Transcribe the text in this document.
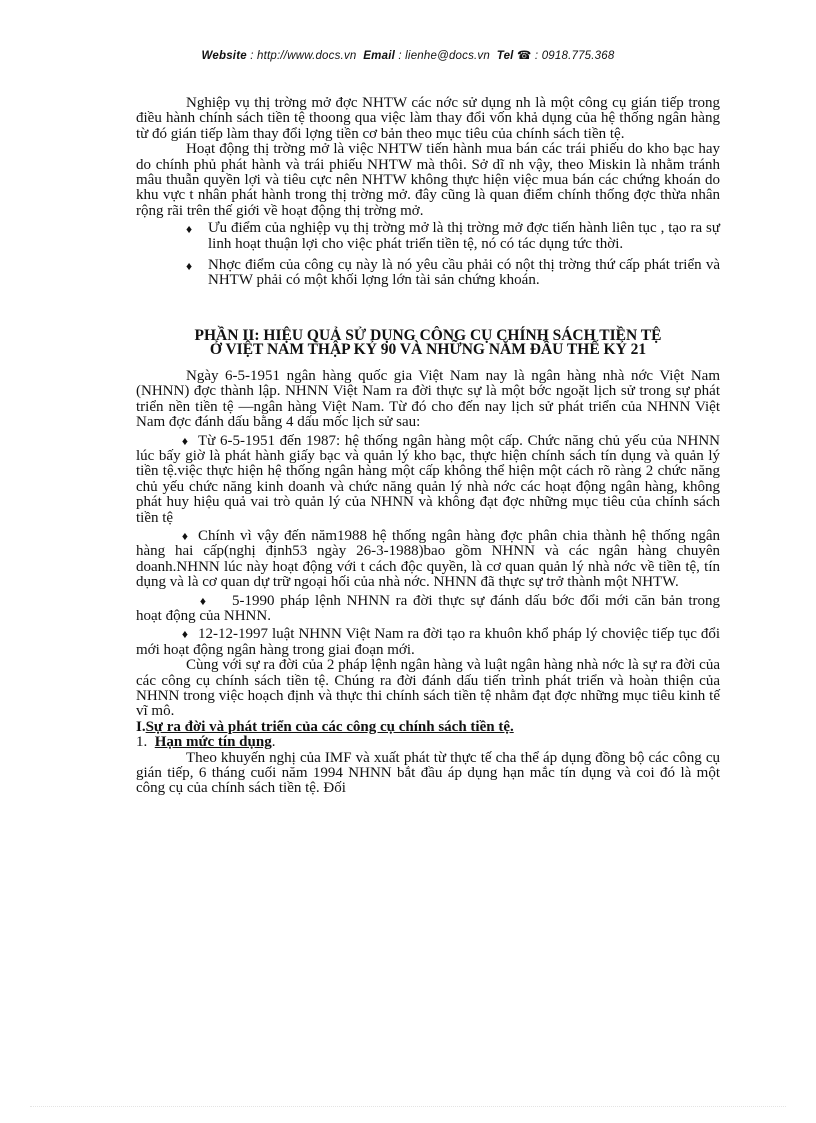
Website : http://www.docs.vn Email : lienhe@docs.vn Tel ☎ : 0918.775.368

Nghiệp vụ thị trờng mở đợc NHTW các nớc sử dụng nh là một công cụ gián tiếp trong điều hành chính sách tiền tệ thoong qua việc làm thay đổi vốn khả dụng của hệ thống ngân hàng từ đó gián tiếp làm thay đổi lợng tiền cơ bản theo mục tiêu của chính sách tiền tệ.

Hoạt động thị trờng mở là việc NHTW tiến hành mua bán các trái phiếu do kho bạc hay do chính phủ phát hành và trái phiếu NHTW mà thôi. Sở dĩ nh vậy, theo Miskin là nhằm tránh mâu thuẫn quyền lợi và tiêu cực nên NHTW không thực hiện việc mua bán các chứng khoán do khu vực t nhân phát hành trong thị trờng mở. đây cũng là quan điểm chính thống đợc thừa nhân rộng rãi trên thế giới về hoạt động thị trờng mở.

♦ Ưu điểm của nghiệp vụ thị trờng mở là thị trờng mở đợc tiến hành liên tục , tạo ra sự linh hoạt thuận lợi cho việc phát triển tiền tệ, nó có tác dụng tức thời.
♦ Nhợc điểm của công cụ này là nó yêu cầu phải có nột thị trờng thứ cấp phát triển và NHTW phải có một khối lợng lớn tài sản chứng khoán.
PHẦN II: HIỆU QUẢ SỬ DỤNG CÔNG CỤ CHÍNH SÁCH TIỀN TỆ
Ở VIỆT NAM THẬP KỶ 90 VÀ NHỮNG NĂM ĐẦU THẾ KỶ 21

Ngày 6-5-1951 ngân hàng quốc gia Việt Nam nay là ngân hàng nhà nớc Việt Nam (NHNN) đợc thành lập. NHNN Việt Nam ra đời thực sự là một bớc ngoặt lịch sử trong sự phát triển nền tiền tệ —ngân hàng Việt Nam. Từ đó cho đến nay lịch sử phát triển của NHNN Việt Nam đợc đánh dấu bằng 4 dấu mốc lịch sử sau:

♦ Từ 6-5-1951 đến 1987: hệ thống ngân hàng một cấp. Chức năng chủ yếu của NHNN lúc bấy giờ là phát hành giấy bạc và quản lý kho bạc, thực hiện chính sách tín dụng và quản lý tiền tệ.việc thực hiện hệ thống ngân hàng một cấp không thể hiện một cách rõ ràng 2 chức năng chủ yếu chức năng kinh doanh và chức năng quản lý nhà nớc các hoạt động ngân hàng, không phát huy hiệu quả vai trò quản lý của NHNN và không đạt đợc những mục tiêu của chính sách tiền tệ

♦ Chính vì vậy đến năm1988 hệ thống ngân hàng đợc phân chia thành hệ thống ngân hàng hai cấp(nghị định53 ngày 26-3-1988)bao gồm NHNN và các ngân hàng chuyên doanh.NHNN lúc này hoạt động với t cách độc quyền, là cơ quan quản lý nhà nớc về tiền tệ, tín dụng và là cơ quan dự trữ ngoại hối của nhà nớc. NHNN đã thực sự trở thành một NHTW.

♦ 5-1990 pháp lệnh NHNN ra đời thực sự đánh dấu bớc đổi mới căn bản trong hoạt động của NHNN.

♦ 12-12-1997 luật NHNN Việt Nam ra đời tạo ra khuôn khổ pháp lý choviệc tiếp tục đổi mới hoạt động ngân hàng trong giai đoạn mới.

Cùng với sự ra đời của 2 pháp lệnh ngân hàng và luật ngân hàng nhà nớc là sự ra đời của các công cụ chính sách tiền tệ. Chúng ra đời đánh dấu tiến trình phát triển và hoàn thiện của NHNN trong việc hoạch định và thực thi chính sách tiền tệ nhằm đạt đợc những mục tiêu kinh tế vĩ mô.

I.Sự ra đời và phát triển của các công cụ chính sách tiền tệ.

1. Hạn mức tín dụng.

Theo khuyến nghị của IMF và xuất phát từ thực tế cha thể áp dụng đồng bộ các công cụ gián tiếp, 6 tháng cuối năm 1994 NHNN bắt đầu áp dụng hạn mắc tín dụng và coi đó là một công cụ của chính sách tiền tệ. Đối
